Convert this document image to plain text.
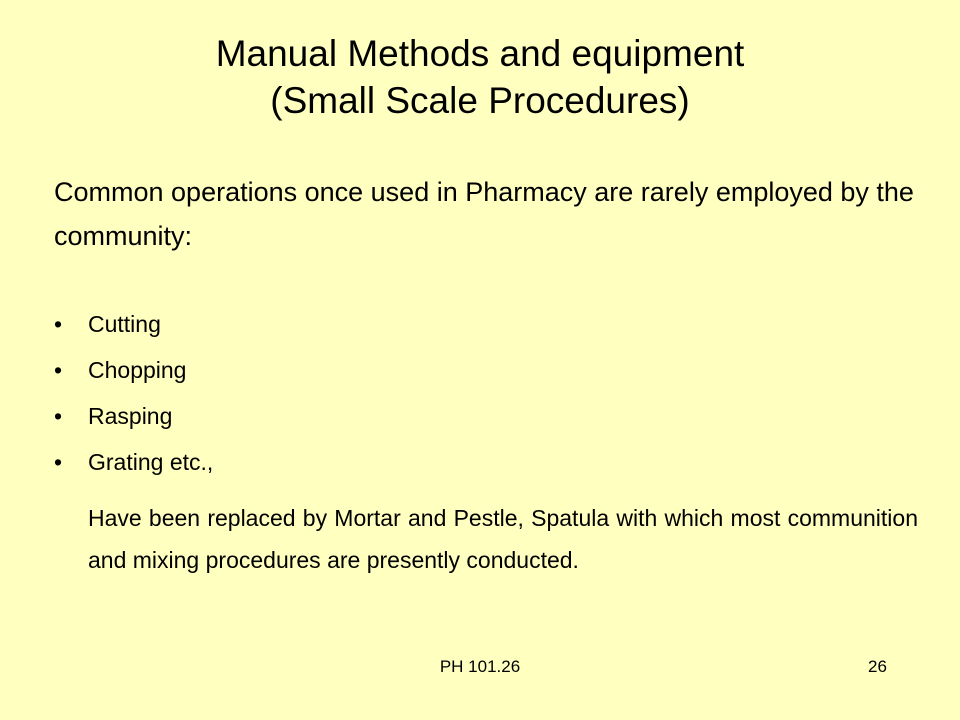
Manual Methods and equipment
(Small Scale Procedures)
Common operations once used in Pharmacy are rarely employed by the community:
• Cutting
• Chopping
• Rasping
• Grating etc.,
Have been replaced by Mortar and Pestle, Spatula with which most communition and mixing procedures are presently conducted.
PH 101.26	26
